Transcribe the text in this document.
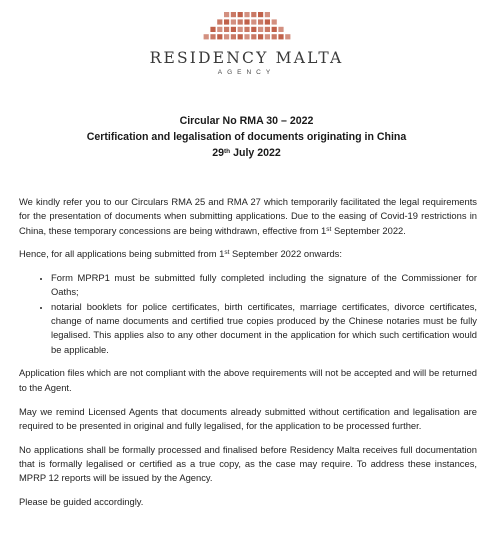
RESIDENCY MALTA
AGENCY
Circular No RMA 30 – 2022
Certification and legalisation of documents originating in China
29th July 2022

We kindly refer you to our Circulars RMA 25 and RMA 27 which temporarily facilitated the legal requirements for the presentation of documents when submitting applications. Due to the easing of Covid-19 restrictions in China, these temporary concessions are being withdrawn, effective from 1st September 2022.

Hence, for all applications being submitted from 1st September 2022 onwards:

• Form MPRP1 must be submitted fully completed including the signature of the Commissioner for Oaths;
• notarial booklets for police certificates, birth certificates, marriage certificates, divorce certificates, change of name documents and certified true copies produced by the Chinese notaries must be fully legalised. This applies also to any other document in the application for which such certification would be applicable.

Application files which are not compliant with the above requirements will not be accepted and will be returned to the Agent.

May we remind Licensed Agents that documents already submitted without certification and legalisation are required to be presented in original and fully legalised, for the application to be processed further.

No applications shall be formally processed and finalised before Residency Malta receives full documentation that is formally legalised or certified as a true copy, as the case may require. To address these instances, MPRP 12 reports will be issued by the Agency.

Please be guided accordingly.
